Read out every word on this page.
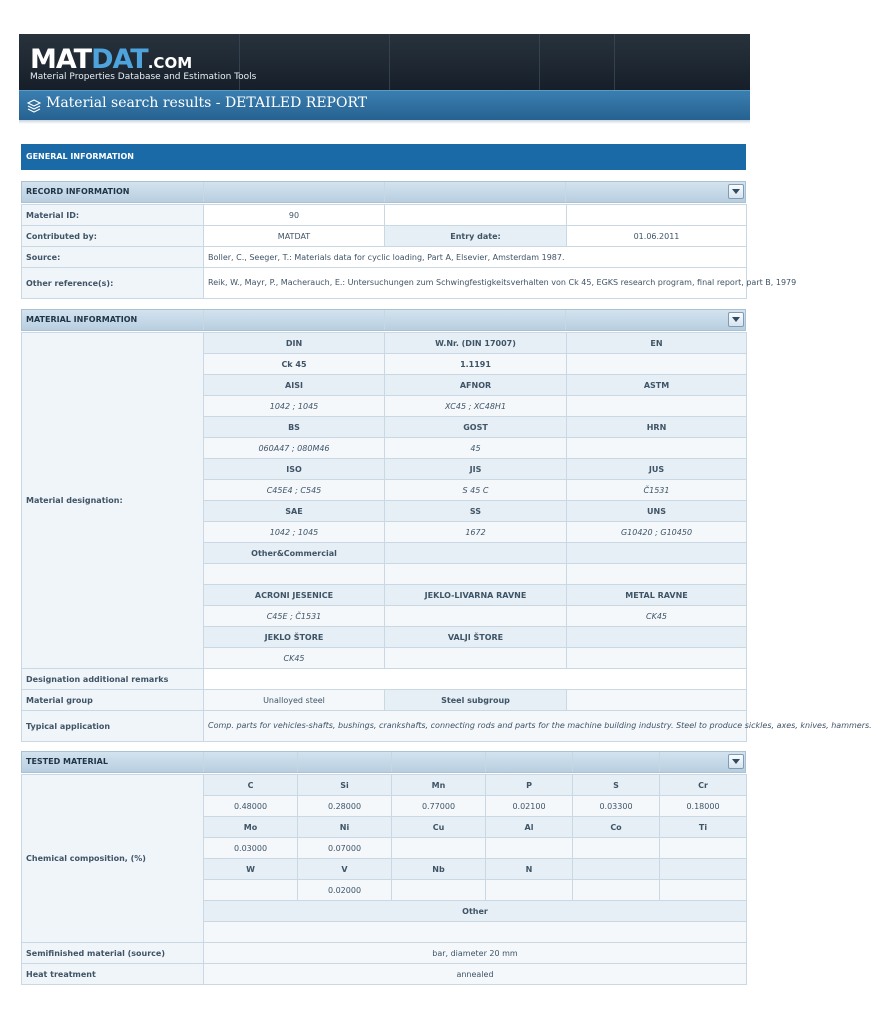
MATDAT.COM
Material Properties Database and Estimation Tools
Material search results - DETAILED REPORT
GENERAL INFORMATION
RECORD INFORMATION
Material ID:	90		
Contributed by:	MATDAT	Entry date:	01.06.2011
Source:	Boller, C., Seeger, T.: Materials data for cyclic loading, Part A, Elsevier, Amsterdam 1987.		
Other reference(s):	Reik, W., Mayr, P., Macherauch, E.: Untersuchungen zum Schwingfestigkeitsverhalten von Ck 45, EGKS research program, final report, part B, 1979		
MATERIAL INFORMATION
Material designation:	DIN	W.Nr. (DIN 17007)	EN
	Ck 45	1.1191	
	AISI	AFNOR	ASTM
	1042 ; 1045	XC45 ; XC48H1	
	BS	GOST	HRN
	060A47 ; 080M46	45	
	ISO	JIS	JUS
	C45E4 ; C545	S 45 C	Č1531
	SAE	SS	UNS
	1042 ; 1045	1672	G10420 ; G10450
	Other&Commercial		

	ACRONI JESENICE	JEKLO-LIVARNA RAVNE	METAL RAVNE
	C45E ; Č1531		CK45
	JEKLO ŠTORE	VALJI ŠTORE	
	CK45		
Designation additional remarks			
Material group	Unalloyed steel	Steel subgroup	
Typical application	Comp. parts for vehicles-shafts, bushings, crankshafts, connecting rods and parts for the machine building industry. Steel to produce sickles, axes, knives, hammers.		
TESTED MATERIAL
Chemical composition, (%)	C	Si	Mn	P	S	Cr
	0.48000	0.28000	0.77000	0.02100	0.03300	0.18000
	Mo	Ni	Cu	Al	Co	Ti
	0.03000	0.07000				
	W	V	Nb	N		
		0.02000				
	Other					

Semifinished material (source)	bar, diameter 20 mm					
Heat treatment	annealed					
